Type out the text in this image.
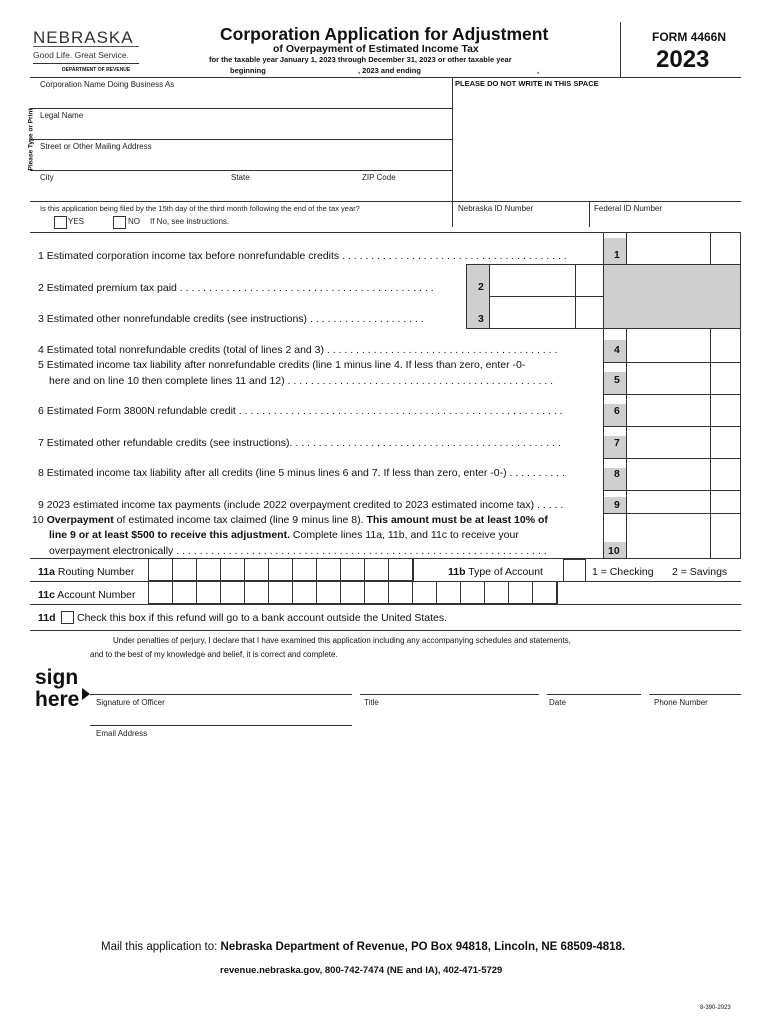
NEBRASKA
Good Life. Great Service.
DEPARTMENT OF REVENUE
Corporation Application for Adjustment
of Overpayment of Estimated Income Tax
for the taxable year January 1, 2023 through December 31, 2023 or other taxable year
beginning	, 2023 and ending	,
FORM 4466N
2023
Corporation Name Doing Business As	PLEASE DO NOT WRITE IN THIS SPACE
Legal Name
Street or Other Mailing Address
City	State	ZIP Code
Please Type or Print
Is this application being filed by the 15th day of the third month following the end of the tax year?
YES	NO If No, see instructions.
Nebraska ID Number	Federal ID Number
1
2
3
4
5
6
7
8
9
10
1 Estimated corporation income tax before nonrefundable credits . . . . . . . . . . . . . . . . . . . . . . . . . . . . . . . . . . . . . . .
2 Estimated premium tax paid . . . . . . . . . . . . . . . . . . . . . . . . . . . . . . . . . . . . . . . . . . . .
3 Estimated other nonrefundable credits (see instructions) . . . . . . . . . . . . . . . . . . . .
4 Estimated total nonrefundable credits (total of lines 2 and 3) . . . . . . . . . . . . . . . . . . . . . . . . . . . . . . . . . . . . . . . .
5 Estimated income tax liability after nonrefundable credits (line 1 minus line 4. If less than zero, enter -0-
here and on line 10 then complete lines 11 and 12) . . . . . . . . . . . . . . . . . . . . . . . . . . . . . . . . . . . . . . . . . . . . . .
6 Estimated Form 3800N refundable credit . . . . . . . . . . . . . . . . . . . . . . . . . . . . . . . . . . . . . . . . . . . . . . . . . . . . . . . .
7 Estimated other refundable credits (see instructions). . . . . . . . . . . . . . . . . . . . . . . . . . . . . . . . . . . . . . . . . . . . . . .
8 Estimated income tax liability after all credits (line 5 minus lines 6 and 7. If less than zero, enter -0-) . . . . . . . . . .
9 2023 estimated income tax payments (include 2022 overpayment credited to 2023 estimated income tax) . . . . .
10 Overpayment of estimated income tax claimed (line 9 minus line 8). This amount must be at least 10% of
line 9 or at least $500 to receive this adjustment. Complete lines 11a, 11b, and 11c to receive your
overpayment electronically . . . . . . . . . . . . . . . . . . . . . . . . . . . . . . . . . . . . . . . . . . . . . . . . . . . . . . . . . . . . . . . .
11a Routing Number	11b Type of Account	1 = Checking 2 = Savings
11c Account Number
11d Check this box if this refund will go to a bank account outside the United States.
Under penalties of perjury, I declare that I have examined this application including any accompanying schedules and statements,
and to the best of my knowledge and belief, it is correct and complete.
sign
here Signature of Officer	Title	Date	Phone Number
Email Address
Mail this application to: Nebraska Department of Revenue, PO Box 94818, Lincoln, NE 68509-4818.
revenue.nebraska.gov, 800-742-7474 (NE and IA), 402-471-5729
8-390-2023
